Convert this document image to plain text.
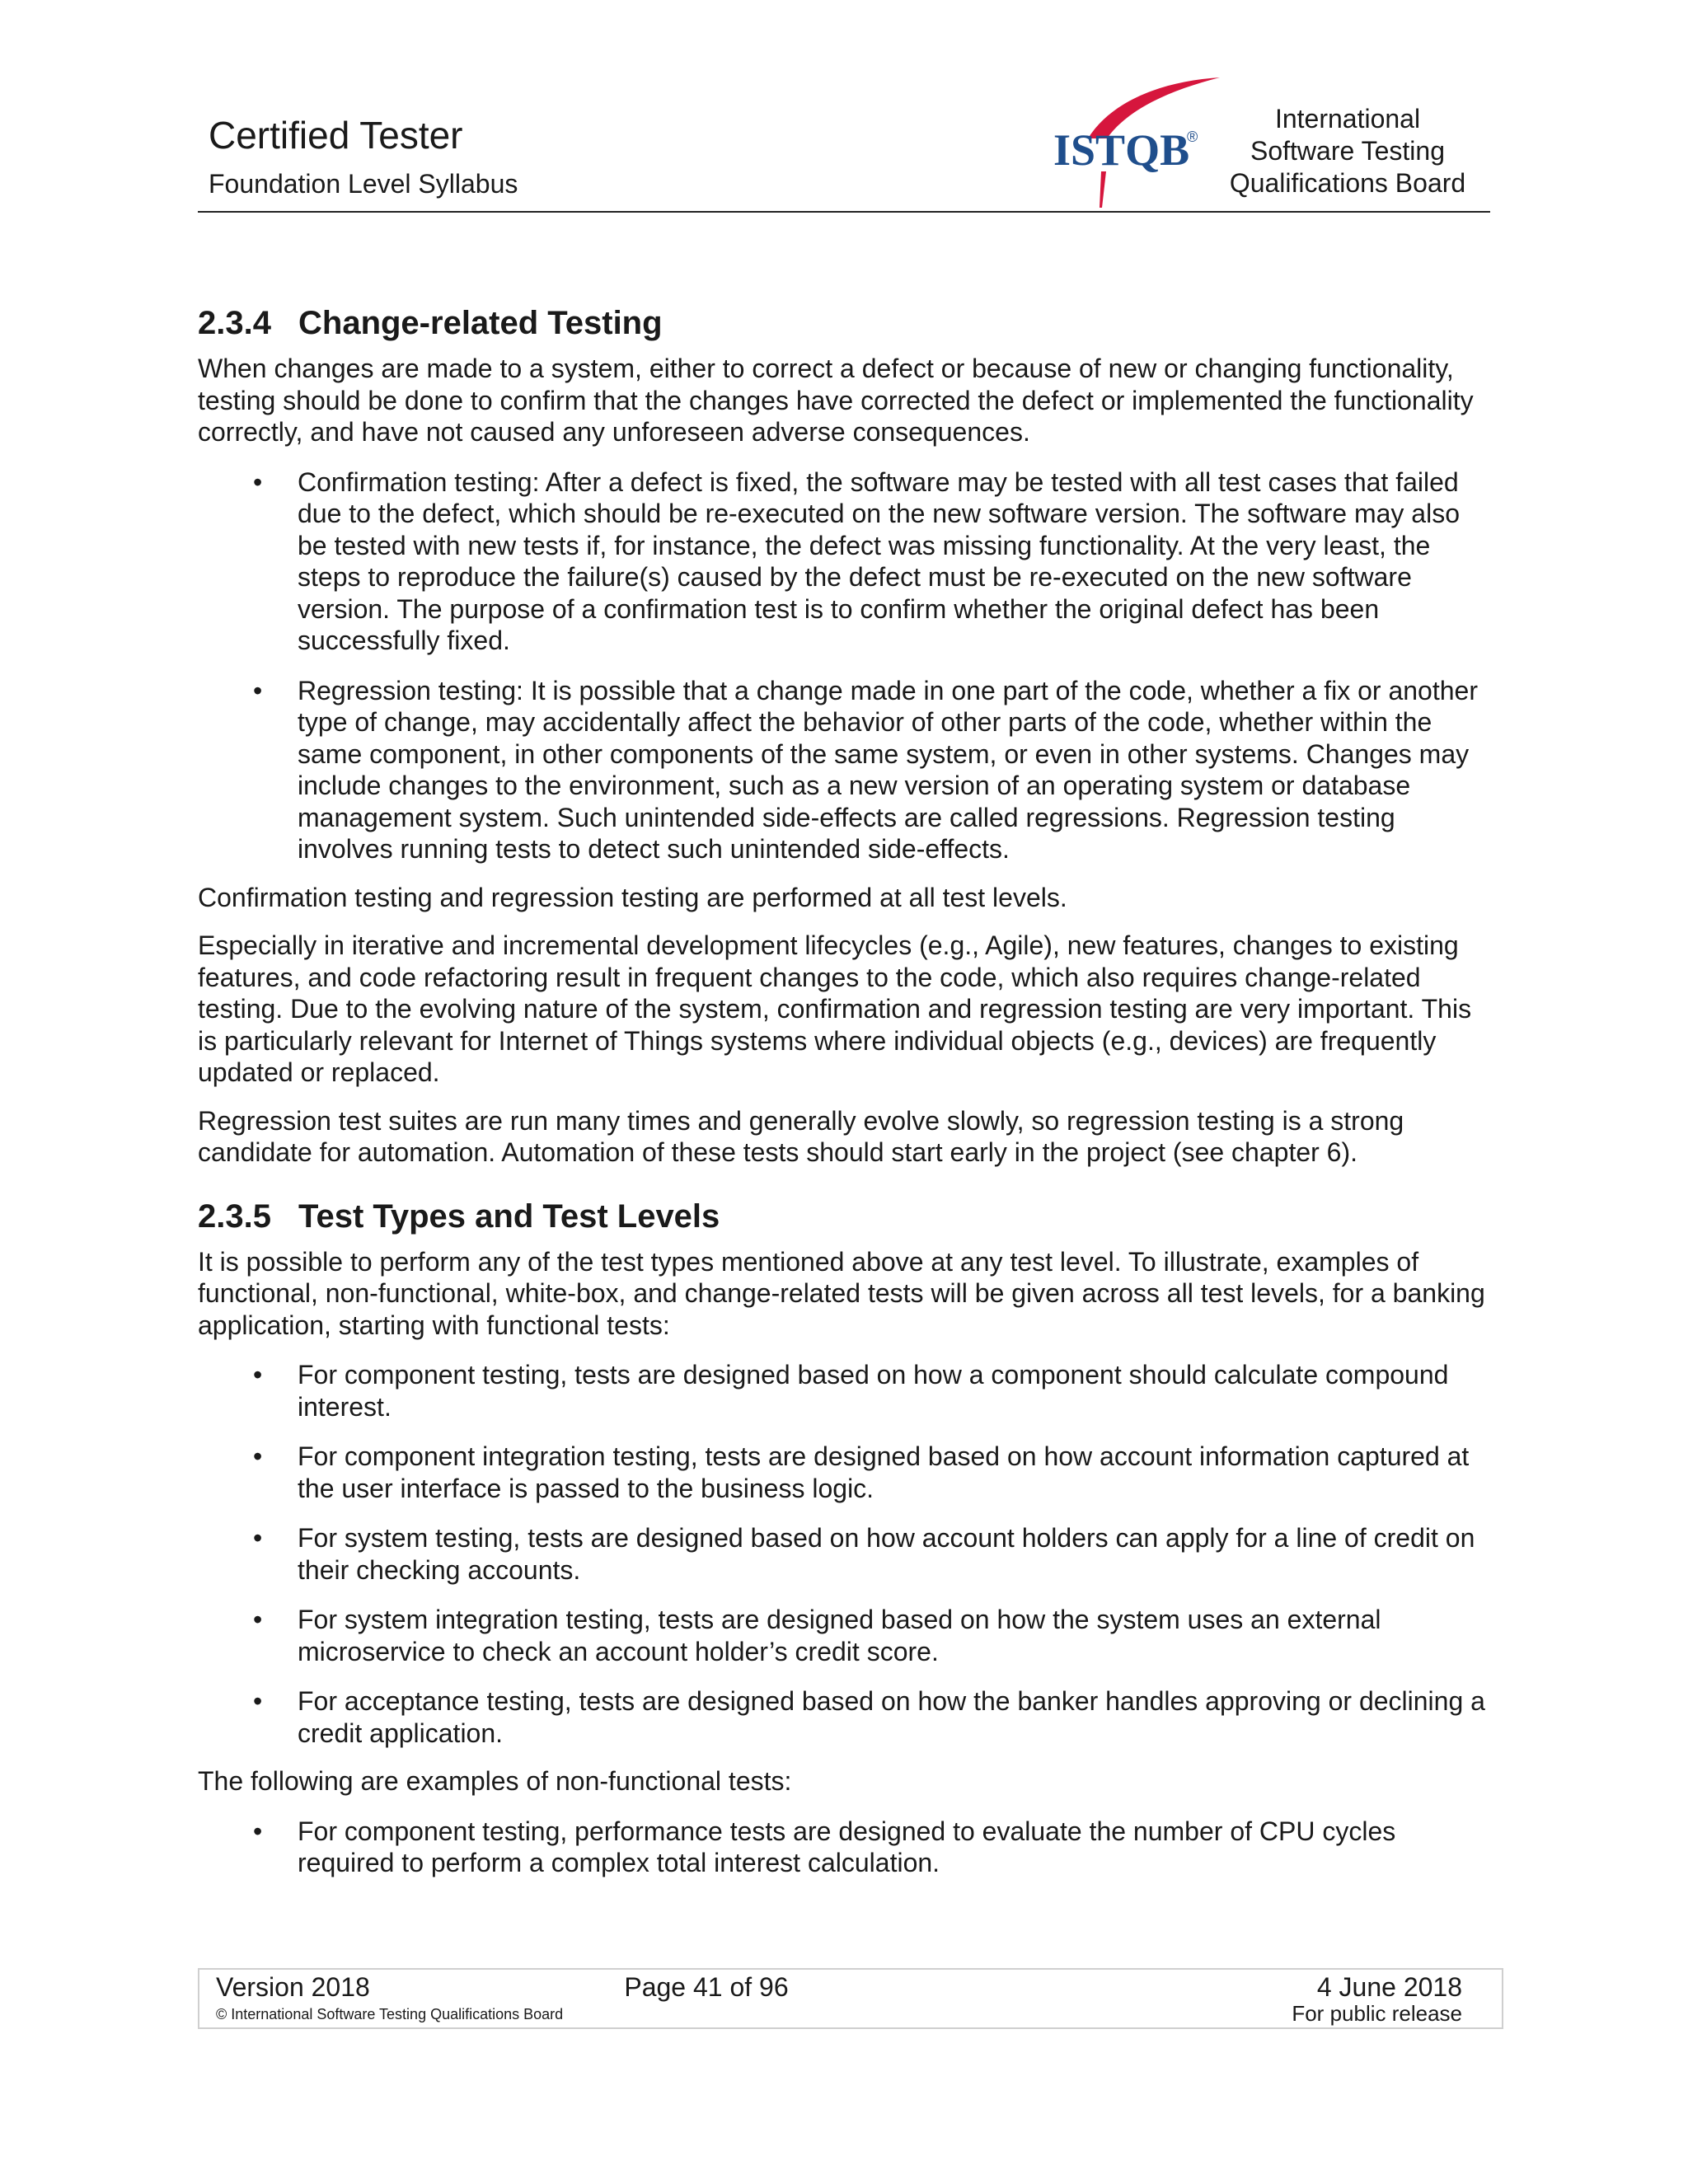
Certified Tester
Foundation Level Syllabus
ISTQB
®
International
Software Testing
Qualifications Board
2.3.4 Change-related Testing

When changes are made to a system, either to correct a defect or because of new or changing functionality, testing should be done to confirm that the changes have corrected the defect or implemented the functionality correctly, and have not caused any unforeseen adverse consequences.

• Confirmation testing: After a defect is fixed, the software may be tested with all test cases that failed due to the defect, which should be re-executed on the new software version. The software may also be tested with new tests if, for instance, the defect was missing functionality. At the very least, the steps to reproduce the failure(s) caused by the defect must be re-executed on the new software version. The purpose of a confirmation test is to confirm whether the original defect has been successfully fixed.
• Regression testing: It is possible that a change made in one part of the code, whether a fix or another type of change, may accidentally affect the behavior of other parts of the code, whether within the same component, in other components of the same system, or even in other systems. Changes may include changes to the environment, such as a new version of an operating system or database management system. Such unintended side-effects are called regressions. Regression testing involves running tests to detect such unintended side-effects.

Confirmation testing and regression testing are performed at all test levels.

Especially in iterative and incremental development lifecycles (e.g., Agile), new features, changes to existing features, and code refactoring result in frequent changes to the code, which also requires change-related testing. Due to the evolving nature of the system, confirmation and regression testing are very important. This is particularly relevant for Internet of Things systems where individual objects (e.g., devices) are frequently updated or replaced.

Regression test suites are run many times and generally evolve slowly, so regression testing is a strong candidate for automation. Automation of these tests should start early in the project (see chapter 6).

2.3.5 Test Types and Test Levels

It is possible to perform any of the test types mentioned above at any test level. To illustrate, examples of functional, non-functional, white-box, and change-related tests will be given across all test levels, for a banking application, starting with functional tests:

• For component testing, tests are designed based on how a component should calculate compound interest.
• For component integration testing, tests are designed based on how account information captured at the user interface is passed to the business logic.
• For system testing, tests are designed based on how account holders can apply for a line of credit on their checking accounts.
• For system integration testing, tests are designed based on how the system uses an external microservice to check an account holder’s credit score.
• For acceptance testing, tests are designed based on how the banker handles approving or declining a credit application.

The following are examples of non-functional tests:

• For component testing, performance tests are designed to evaluate the number of CPU cycles required to perform a complex total interest calculation.
Version 2018	Page 41 of 96	4 June 2018
© International Software Testing Qualifications Board	For public release
